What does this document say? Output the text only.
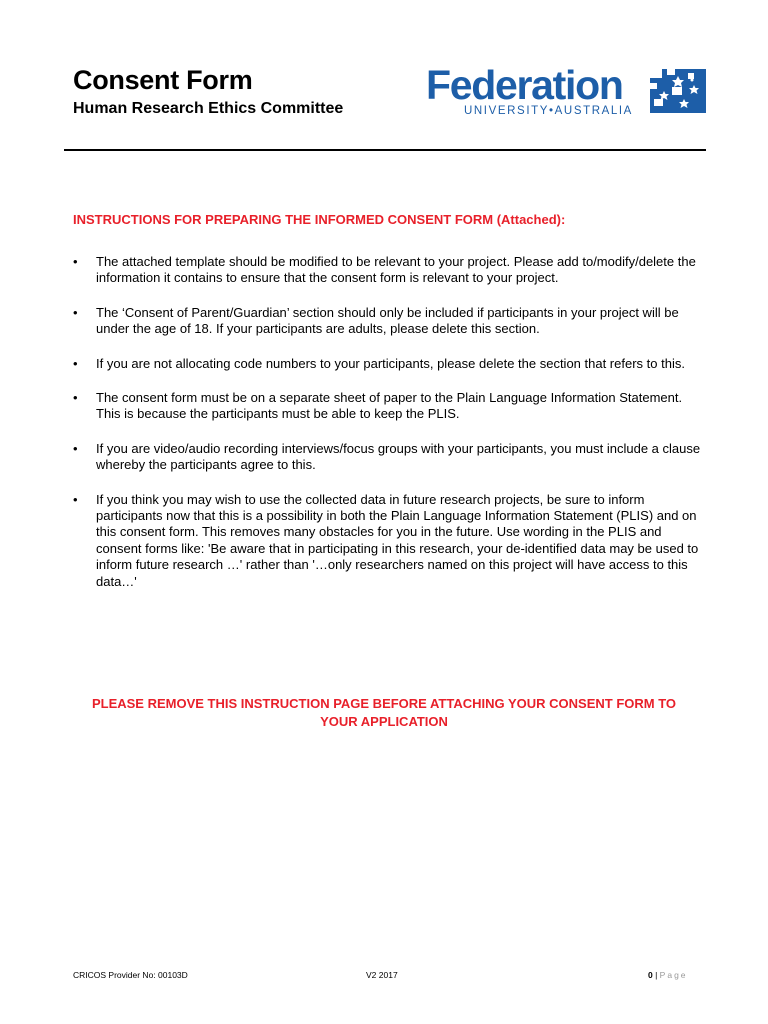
Consent Form
Human Research Ethics Committee
Federation
UNIVERSITY•AUSTRALIA
INSTRUCTIONS FOR PREPARING THE INFORMED CONSENT FORM (Attached):
• The attached template should be modified to be relevant to your project. Please add to/modify/delete the information it contains to ensure that the consent form is relevant to your project.
• The ‘Consent of Parent/Guardian’ section should only be included if participants in your project will be under the age of 18. If your participants are adults, please delete this section.
• If you are not allocating code numbers to your participants, please delete the section that refers to this.
• The consent form must be on a separate sheet of paper to the Plain Language Information Statement. This is because the participants must be able to keep the PLIS.
• If you are video/audio recording interviews/focus groups with your participants, you must include a clause whereby the participants agree to this.
• If you think you may wish to use the collected data in future research projects, be sure to inform participants now that this is a possibility in both the Plain Language Information Statement (PLIS) and on this consent form. This removes many obstacles for you in the future. Use wording in the PLIS and consent forms like: 'Be aware that in participating in this research, your de-identified data may be used to inform future research …' rather than '…only researchers named on this project will have access to this data…'
PLEASE REMOVE THIS INSTRUCTION PAGE BEFORE ATTACHING YOUR CONSENT FORM TO
YOUR APPLICATION
CRICOS Provider No: 00103D	V2 2017	0 | Page
